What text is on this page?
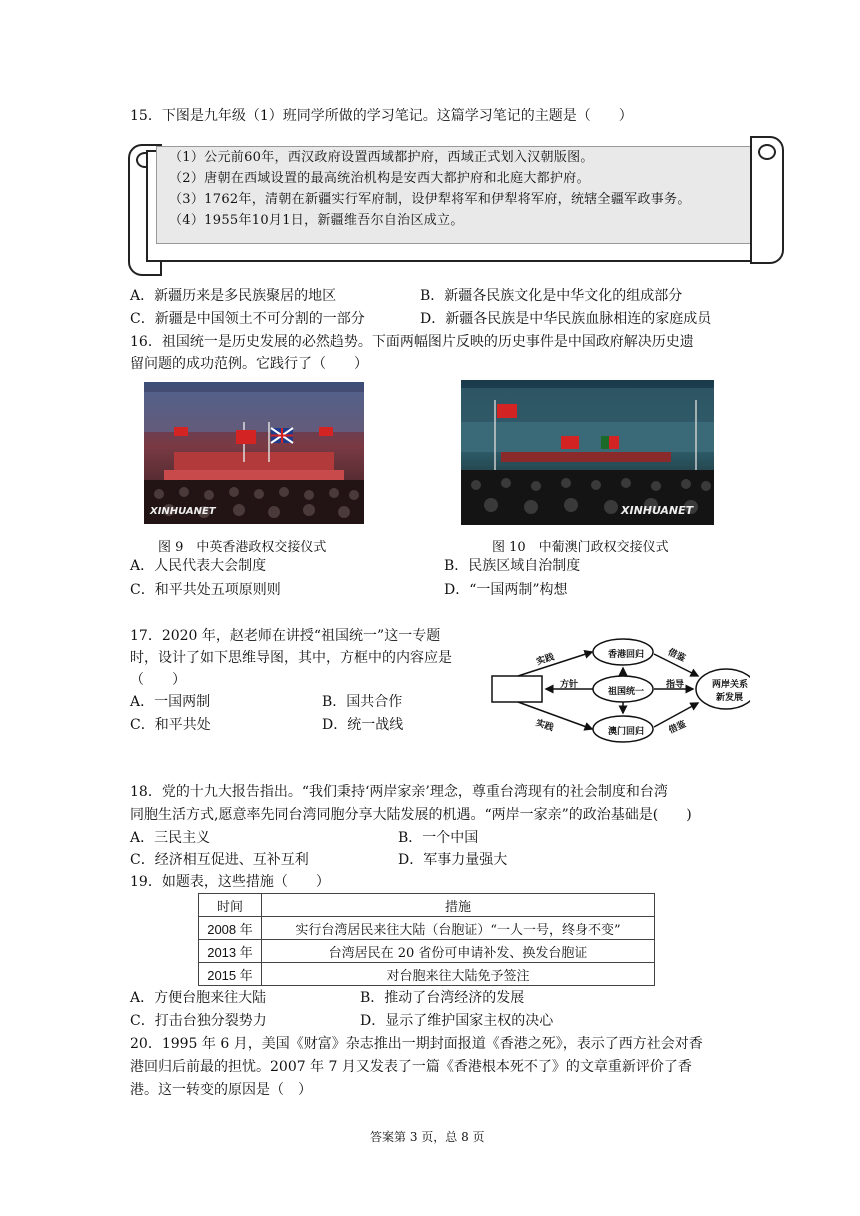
15．下图是九年级（1）班同学所做的学习笔记。这篇学习笔记的主题是（　　）
（1）公元前60年，西汉政府设置西域都护府，西域正式划入汉朝版图。
（2）唐朝在西域设置的最高统治机构是安西大都护府和北庭大都护府。
（3）1762年，清朝在新疆实行军府制，设伊犁将军和伊犁将军府，统辖全疆军政事务。
（4）1955年10月1日，新疆维吾尔自治区成立。
A．新疆历来是多民族聚居的地区	B．新疆各民族文化是中华文化的组成部分
C．新疆是中国领土不可分割的一部分	D．新疆各民族是中华民族血脉相连的家庭成员
16．祖国统一是历史发展的必然趋势。下面两幅图片反映的历史事件是中国政府解决历史遗
留问题的成功范例。它践行了（　　）
XINHUANET	XINHUANET
图 9　中英香港政权交接仪式	图 10　中葡澳门政权交接仪式
A．人民代表大会制度	B．民族区域自治制度
C．和平共处五项原则则	D．“一国两制”构想
17．2020 年，赵老师在讲授“祖国统一”这一专题
时，设计了如下思维导图，其中，方框中的内容应是
（　　）
香港回归
祖国统一
澳门回归
两岸关系
新发展
实践
实践
方针	指导
借鉴
借鉴
A．一国两制	B．国共合作
C．和平共处	D．统一战线
18．党的十九大报告指出。“我们秉持‘两岸家亲’理念，尊重台湾现有的社会制度和台湾
同胞生活方式,愿意率先同台湾同胞分享大陆发展的机遇。“两岸一家亲”的政治基础是(　　)
A．三民主义	B．一个中国
C．经济相互促进、互补互利	D．军事力量强大
19．如题表，这些措施（　　）
时间	措施
2008 年	实行台湾居民来往大陆（台胞证）“一人一号，终身不变”
2013 年	台湾居民在 20 省份可申请补发、换发台胞证
2015 年	对台胞来往大陆免予签注
A．方便台胞来往大陆	B．推动了台湾经济的发展
C．打击台独分裂势力	D．显示了维护国家主权的决心
20．1995 年 6 月，美国《财富》杂志推出一期封面报道《香港之死》，表示了西方社会对香
港回归后前最的担忧。2007 年 7 月又发表了一篇《香港根本死不了》的文章重新评价了香
港。这一转变的原因是（　）
答案第 3 页，总 8 页
